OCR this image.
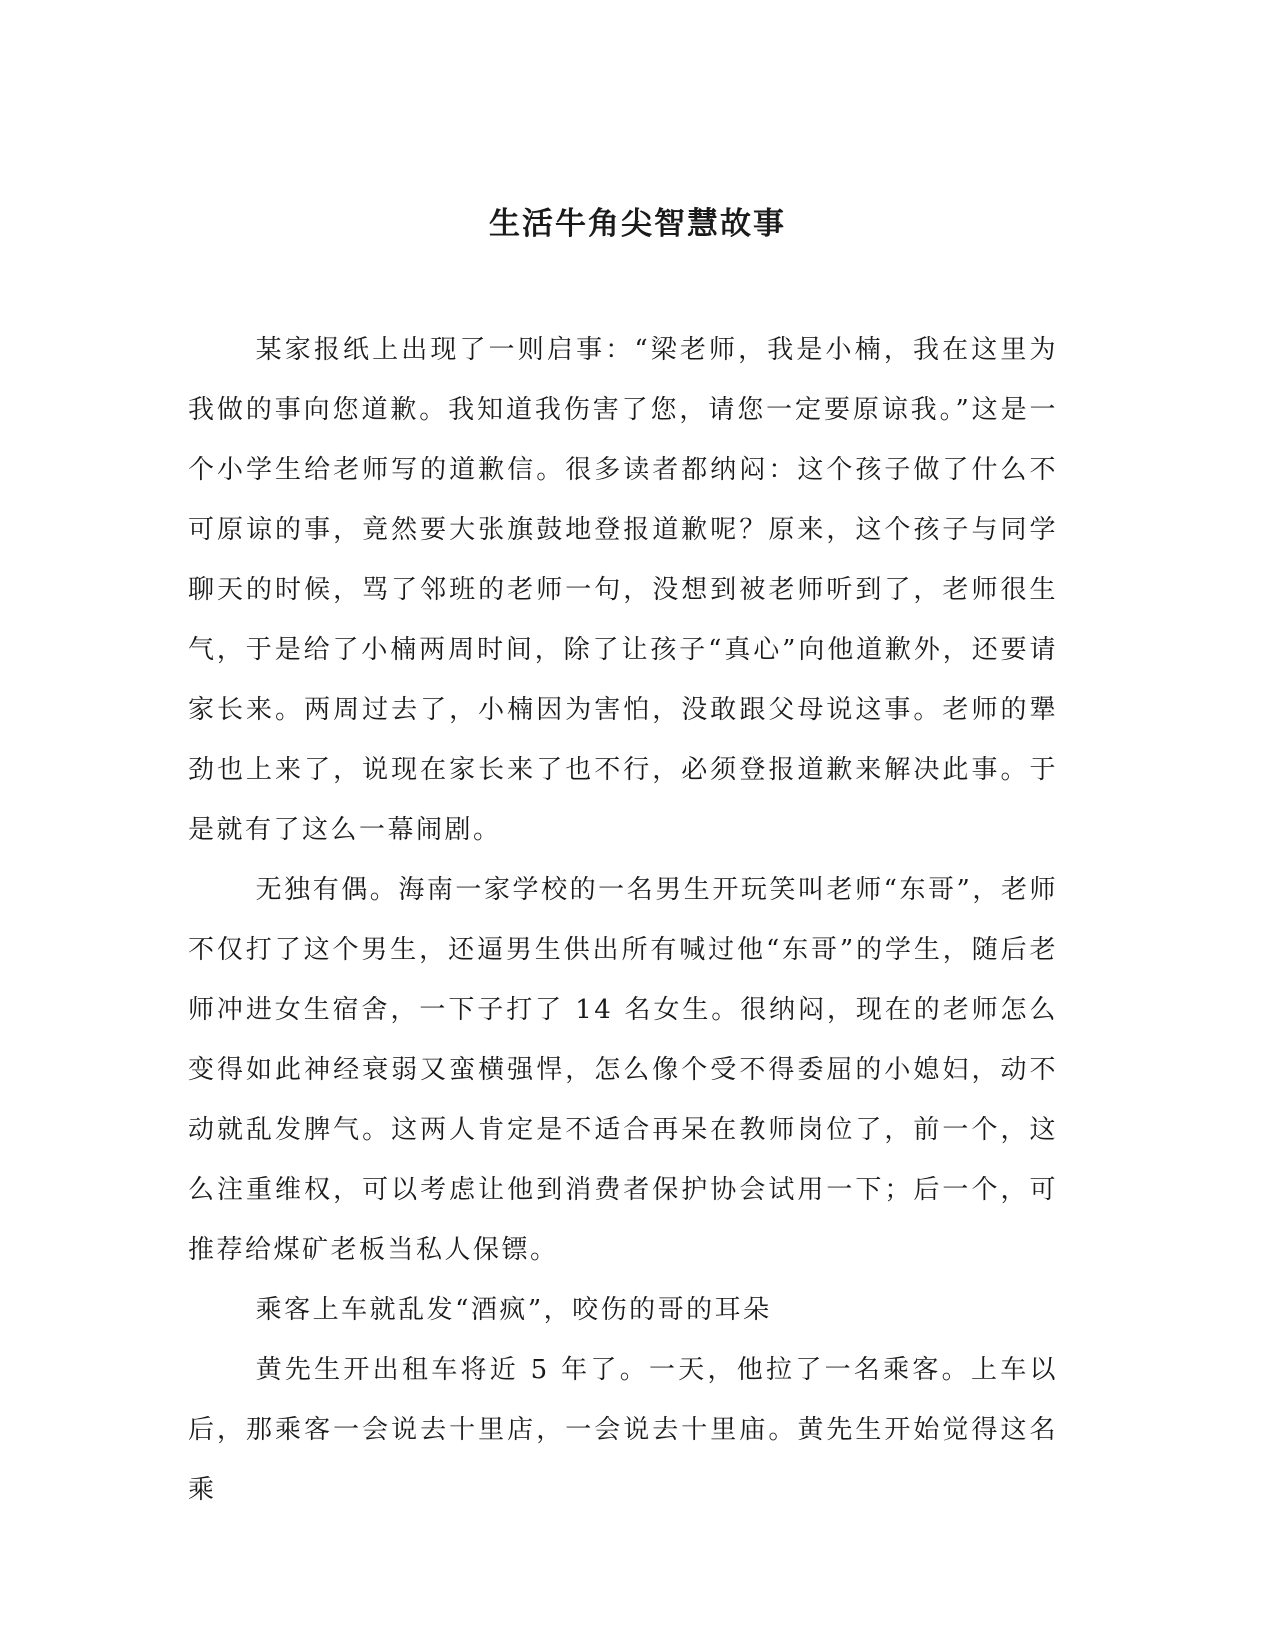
生活牛角尖智慧故事

某家报纸上出现了一则启事：“梁老师，我是小楠，我在这里为我做的事向您道歉。我知道我伤害了您，请您一定要原谅我。”这是一个小学生给老师写的道歉信。很多读者都纳闷：这个孩子做了什么不可原谅的事，竟然要大张旗鼓地登报道歉呢？原来，这个孩子与同学聊天的时候，骂了邻班的老师一句，没想到被老师听到了，老师很生气，于是给了小楠两周时间，除了让孩子“真心”向他道歉外，还要请家长来。两周过去了，小楠因为害怕，没敢跟父母说这事。老师的犟劲也上来了，说现在家长来了也不行，必须登报道歉来解决此事。于是就有了这么一幕闹剧。

无独有偶。海南一家学校的一名男生开玩笑叫老师“东哥”，老师不仅打了这个男生，还逼男生供出所有喊过他“东哥”的学生，随后老师冲进女生宿舍，一下子打了 14 名女生。很纳闷，现在的老师怎么变得如此神经衰弱又蛮横强悍，怎么像个受不得委屈的小媳妇，动不动就乱发脾气。这两人肯定是不适合再呆在教师岗位了，前一个，这么注重维权，可以考虑让他到消费者保护协会试用一下；后一个，可推荐给煤矿老板当私人保镖。

乘客上车就乱发“酒疯”，咬伤的哥的耳朵

黄先生开出租车将近 5 年了。一天，他拉了一名乘客。上车以后，那乘客一会说去十里店，一会说去十里庙。黄先生开始觉得这名乘
